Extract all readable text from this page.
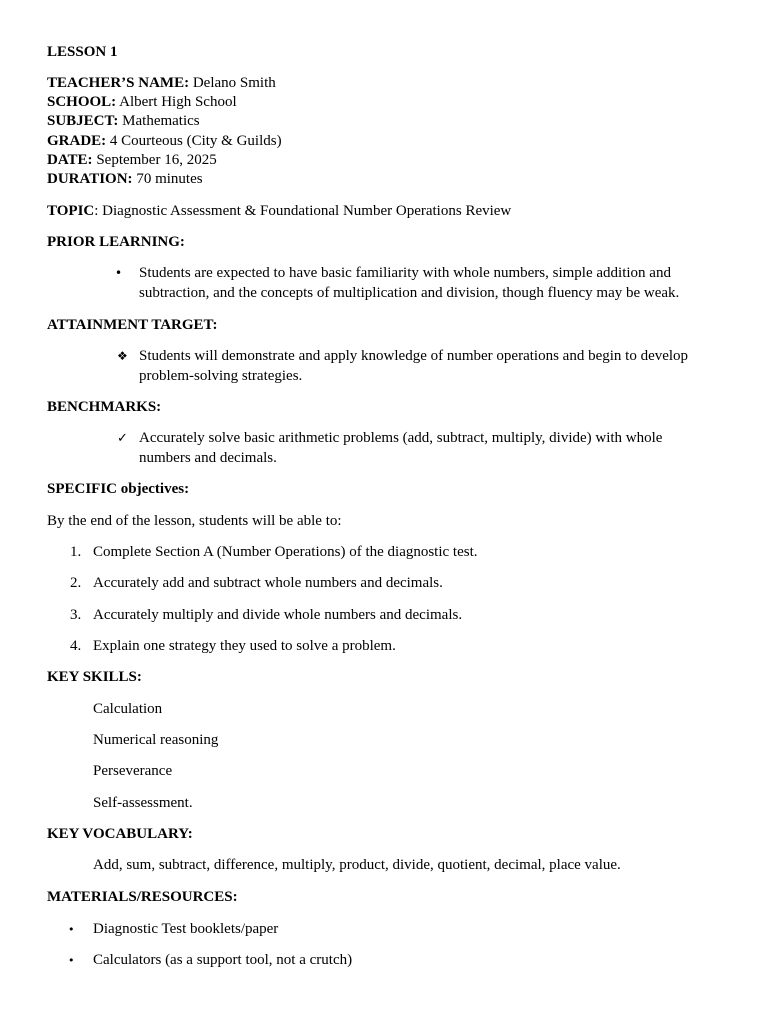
LESSON 1
TEACHER’S NAME: Delano Smith
SCHOOL: Albert High School
SUBJECT: Mathematics
GRADE: 4 Courteous (City & Guilds)
DATE: September 16, 2025
DURATION: 70 minutes
TOPIC: Diagnostic Assessment & Foundational Number Operations Review
PRIOR LEARNING:
• Students are expected to have basic familiarity with whole numbers, simple addition and subtraction, and the concepts of multiplication and division, though fluency may be weak.
ATTAINMENT TARGET:
❖ Students will demonstrate and apply knowledge of number operations and begin to develop problem-solving strategies.
BENCHMARKS:
✓ Accurately solve basic arithmetic problems (add, subtract, multiply, divide) with whole numbers and decimals.
SPECIFIC objectives:
By the end of the lesson, students will be able to:
1. Complete Section A (Number Operations) of the diagnostic test.
2. Accurately add and subtract whole numbers and decimals.
3. Accurately multiply and divide whole numbers and decimals.
4. Explain one strategy they used to solve a problem.
KEY SKILLS:
Calculation
Numerical reasoning
Perseverance
Self-assessment.
KEY VOCABULARY:
Add, sum, subtract, difference, multiply, product, divide, quotient, decimal, place value.
MATERIALS/RESOURCES:
• Diagnostic Test booklets/paper
• Calculators (as a support tool, not a crutch)
